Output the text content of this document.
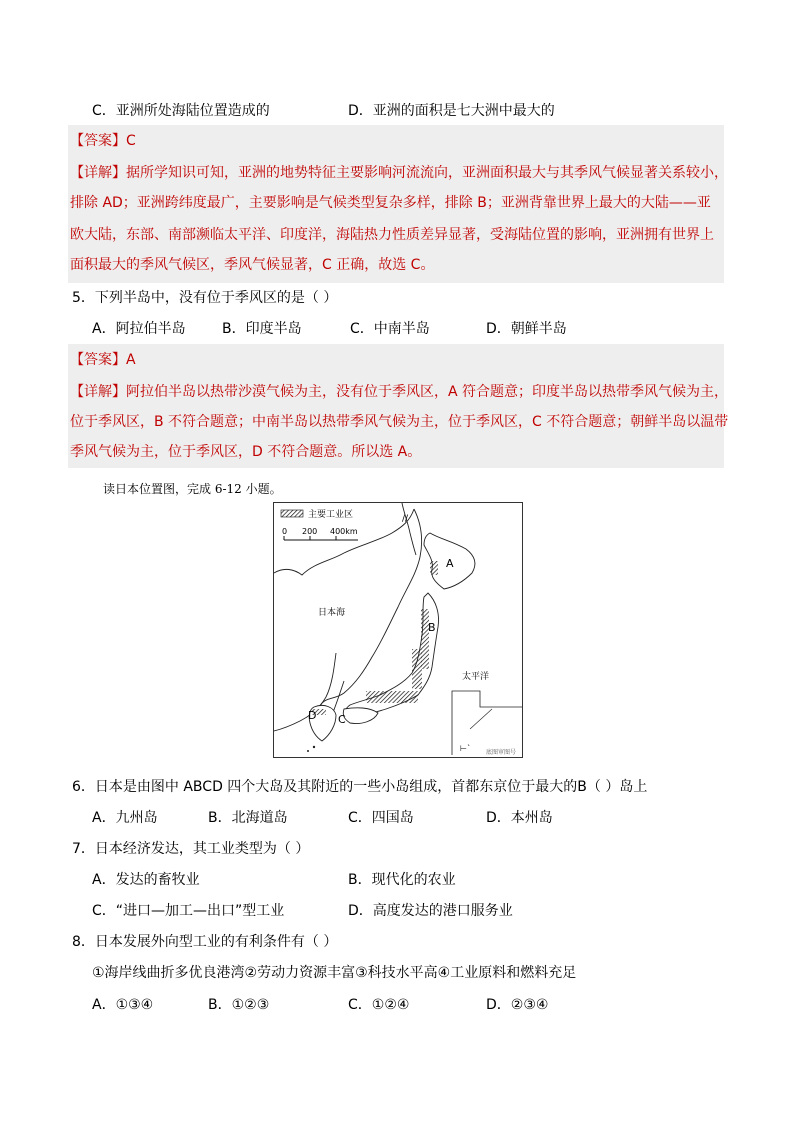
C．亚洲所处海陆位置造成的	D．亚洲的面积是七大洲中最大的
【答案】C
【详解】据所学知识可知，亚洲的地势特征主要影响河流流向，亚洲面积最大与其季风气候显著关系较小，
排除 AD；亚洲跨纬度最广，主要影响是气候类型复杂多样，排除 B；亚洲背靠世界上最大的大陆——亚
欧大陆，东部、南部濒临太平洋、印度洋，海陆热力性质差异显著，受海陆位置的影响，亚洲拥有世界上
面积最大的季风气候区，季风气候显著，C 正确，故选 C。
5．下列半岛中，没有位于季风区的是（ ）
A．阿拉伯半岛	B．印度半岛	C．中南半岛	D．朝鲜半岛
【答案】A
【详解】阿拉伯半岛以热带沙漠气候为主，没有位于季风区，A 符合题意；印度半岛以热带季风气候为主，
位于季风区，B 不符合题意；中南半岛以热带季风气候为主，位于季风区，C 不符合题意；朝鲜半岛以温带
季风气候为主，位于季风区，D 不符合题意。所以选 A。
读日本位置图，完成 6-12 小题。
主要工业区
0 200 400km
//
⊢ˋ
A
B
C
D
日本海
太平洋
底图审图号
6．日本是由图中 ABCD 四个大岛及其附近的一些小岛组成，首都东京位于最大的B（ ）岛上
A．九州岛	B．北海道岛	C．四国岛	D．本州岛
7．日本经济发达，其工业类型为（ ）
A．发达的畜牧业	B．现代化的农业
C．“进口—加工—出口”型工业	D．高度发达的港口服务业
8．日本发展外向型工业的有利条件有（ ）
①海岸线曲折多优良港湾②劳动力资源丰富③科技水平高④工业原料和燃料充足
A．①③④	B．①②③	C．①②④	D．②③④
